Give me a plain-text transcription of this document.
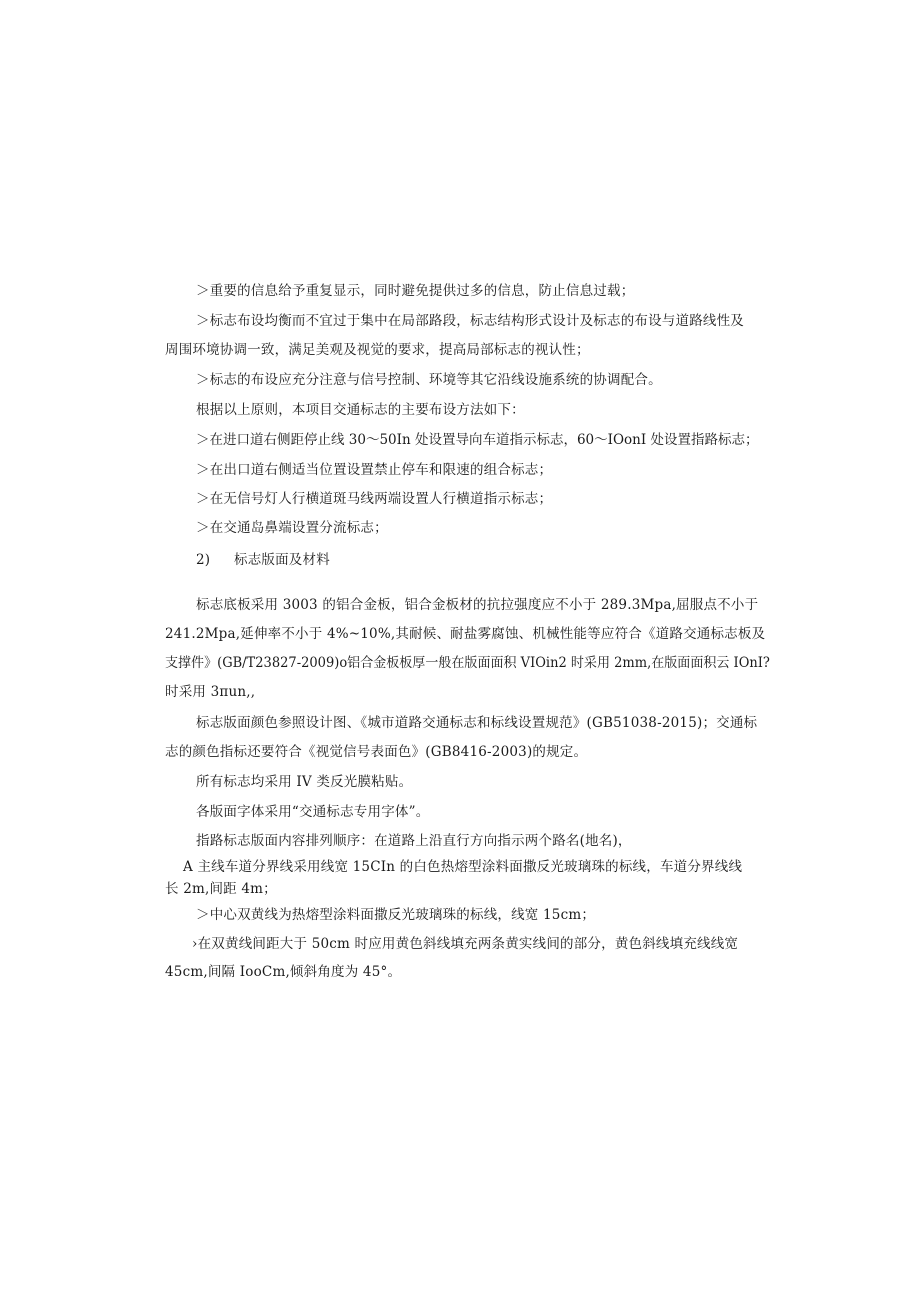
＞重要的信息给予重复显示，同时避免提供过多的信息，防止信息过载；
＞标志布设均衡而不宜过于集中在局部路段，标志结构形式设计及标志的布设与道路线性及
周围环境协调一致，满足美观及视觉的要求，提高局部标志的视认性；
＞标志的布设应充分注意与信号控制、环境等其它沿线设施系统的协调配合。
根据以上原则，本项目交通标志的主要布设方法如下：
＞在进口道右侧距停止线 30～50In 处设置导向车道指示标志，60～IOonI 处设置指路标志；
＞在出口道右侧适当位置设置禁止停车和限速的组合标志；
＞在无信号灯人行横道斑马线两端设置人行横道指示标志；
＞在交通岛鼻端设置分流标志；
2) 标志版面及材料
标志底板采用 3003 的铝合金板，铝合金板材的抗拉强度应不小于 289.3Mpa,屈服点不小于
241.2Mpa,延伸率不小于 4%~10%,其耐候、耐盐雾腐蚀、机械性能等应符合《道路交通标志板及
支撑件》(GB/T23827-2009)o铝合金板板厚一般在版面面积 VIOin2 时采用 2mm,在版面面积云 IOnI?
时采用 3πun,,
标志版面颜色参照设计图、《城市道路交通标志和标线设置规范》(GB51038-2015)；交通标
志的颜色指标还要符合《视觉信号表面色》(GB8416-2003)的规定。
所有标志均采用 IV 类反光膜粘贴。
各版面字体采用“交通标志专用字体”。
指路标志版面内容排列顺序：在道路上沿直行方向指示两个路名(地名)，
A 主线车道分界线采用线宽 15CIn 的白色热熔型涂料面撒反光玻璃珠的标线，车道分界线线
长 2m,间距 4m；
＞中心双黄线为热熔型涂料面撒反光玻璃珠的标线，线宽 15cm；
›在双黄线间距大于 50cm 时应用黄色斜线填充两条黄实线间的部分，黄色斜线填充线线宽
45cm,间隔 IooCm,倾斜角度为 45°。
